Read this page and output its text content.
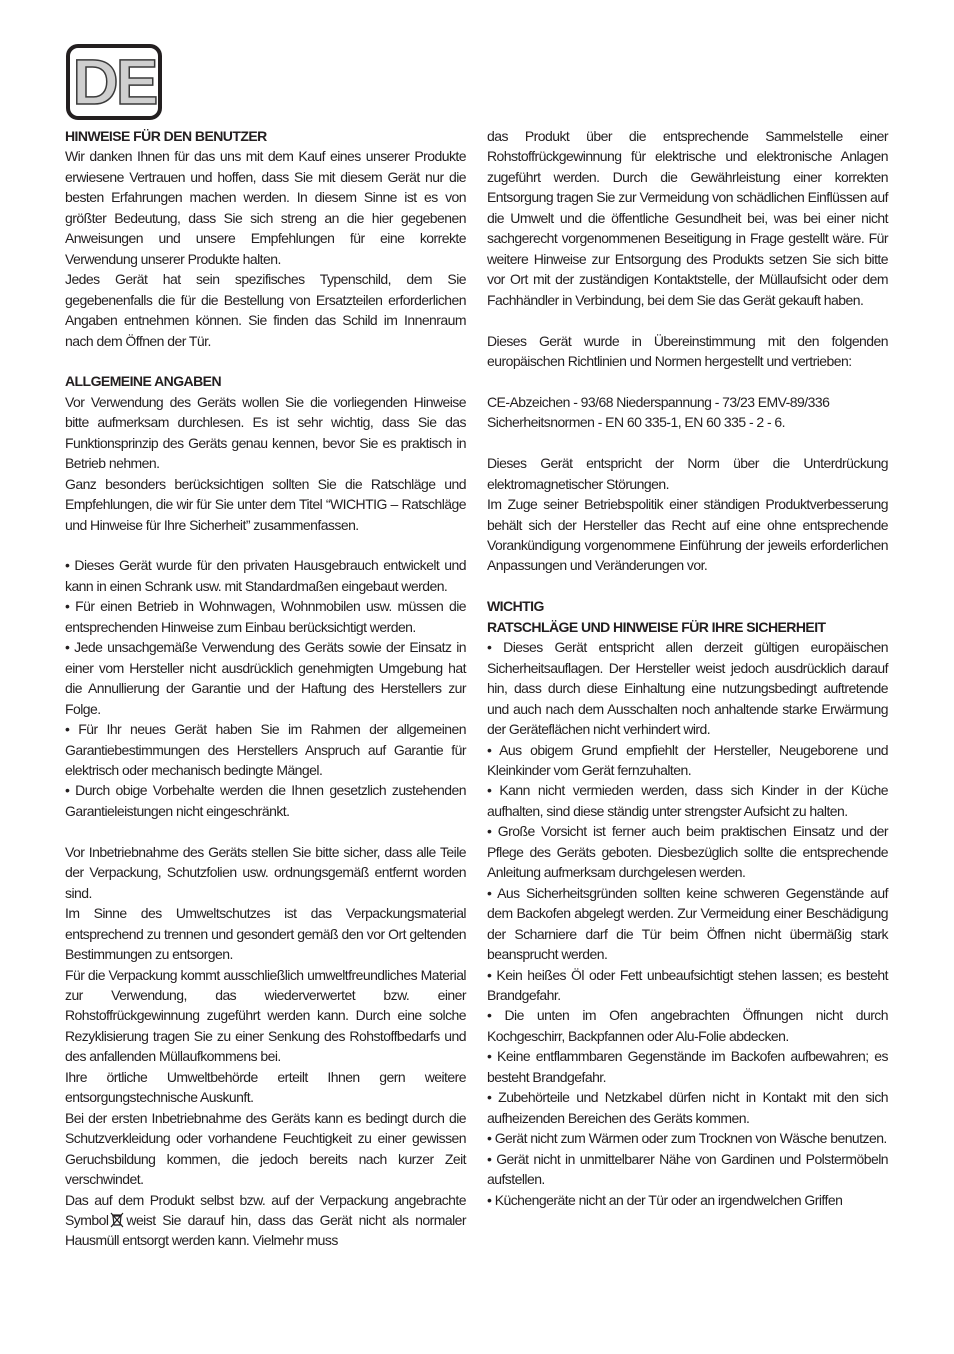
DE

HINWEISE FÜR DEN BENUTZER

Wir danken Ihnen für das uns mit dem Kauf eines unserer Produkte erwiesene Vertrauen und hoffen, dass Sie mit diesem Gerät nur die besten Erfahrungen machen werden. In diesem Sinne ist es von größter Bedeutung, dass Sie sich streng an die hier gegebenen Anweisungen und unsere Empfehlungen für eine korrekte Verwendung unserer Produkte halten.

Jedes Gerät hat sein spezifisches Typenschild, dem Sie gegebenenfalls die für die Bestellung von Ersatzteilen erforderlichen Angaben entnehmen können. Sie finden das Schild im Innenraum nach dem Öffnen der Tür.

ALLGEMEINE ANGABEN

Vor Verwendung des Geräts wollen Sie die vorliegenden Hinweise bitte aufmerksam durchlesen. Es ist sehr wichtig, dass Sie das Funktionsprinzip des Geräts genau kennen, bevor Sie es praktisch in Betrieb nehmen.

Ganz besonders berücksichtigen sollten Sie die Ratschläge und Empfehlungen, die wir für Sie unter dem Titel “WICHTIG – Ratschläge und Hinweise für Ihre Sicherheit” zusammenfassen.

• Dieses Gerät wurde für den privaten Hausgebrauch entwickelt und kann in einen Schrank usw. mit Standardmaßen eingebaut werden.

• Für einen Betrieb in Wohnwagen, Wohnmobilen usw. müssen die entsprechenden Hinweise zum Einbau berücksichtigt werden.

• Jede unsachgemäße Verwendung des Geräts sowie der Einsatz in einer vom Hersteller nicht ausdrücklich genehmigten Umgebung hat die Annullierung der Garantie und der Haftung des Herstellers zur Folge.

• Für Ihr neues Gerät haben Sie im Rahmen der allgemeinen Garantiebestimmungen des Herstellers Anspruch auf Garantie für elektrisch oder mechanisch bedingte Mängel.

• Durch obige Vorbehalte werden die Ihnen gesetzlich zustehenden Garantieleistungen nicht eingeschränkt.

Vor Inbetriebnahme des Geräts stellen Sie bitte sicher, dass alle Teile der Verpackung, Schutzfolien usw. ordnungsgemäß entfernt worden sind.

Im Sinne des Umweltschutzes ist das Verpackungsmaterial entsprechend zu trennen und gesondert gemäß den vor Ort geltenden Bestimmungen zu entsorgen.

Für die Verpackung kommt ausschließlich umweltfreundliches Material zur Verwendung, das wiederverwertet bzw. einer Rohstoffrückgewinnung zugeführt werden kann. Durch eine solche Rezyklisierung tragen Sie zu einer Senkung des Rohstoffbedarfs und des anfallenden Müllaufkommens bei.

Ihre örtliche Umweltbehörde erteilt Ihnen gern weitere entsorgungstechnische Auskunft.

Bei der ersten Inbetriebnahme des Geräts kann es bedingt durch die Schutzverkleidung oder vorhandene Feuchtigkeit zu einer gewissen Geruchsbildung kommen, die jedoch bereits nach kurzer Zeit verschwindet.

Das auf dem Produkt selbst bzw. auf der Verpackung angebrachte Symbol weist Sie darauf hin, dass das Gerät nicht als normaler Hausmüll entsorgt werden kann. Vielmehr muss

das Produkt über die entsprechende Sammelstelle einer Rohstoffrückgewinnung für elektrische und elektronische Anlagen zugeführt werden. Durch die Gewährleistung einer korrekten Entsorgung tragen Sie zur Vermeidung von schädlichen Einflüssen auf die Umwelt und die öffentliche Gesundheit bei, was bei einer nicht sachgerecht vorgenommenen Beseitigung in Frage gestellt wäre. Für weitere Hinweise zur Entsorgung des Produkts setzen Sie sich bitte vor Ort mit der zuständigen Kontaktstelle, der Müllaufsicht oder dem Fachhändler in Verbindung, bei dem Sie das Gerät gekauft haben.

Dieses Gerät wurde in Übereinstimmung mit den folgenden europäischen Richtlinien und Normen hergestellt und vertrieben:

CE-Abzeichen - 93/68 Niederspannung - 73/23 EMV-89/336

Sicherheitsnormen - EN 60 335-1, EN 60 335 - 2 - 6.

Dieses Gerät entspricht der Norm über die Unterdrückung elektromagnetischer Störungen.

Im Zuge seiner Betriebspolitik einer ständigen Produktverbesserung behält sich der Hersteller das Recht auf eine ohne entsprechende Vorankündigung vorgenommene Einführung der jeweils erforderlichen Anpassungen und Veränderungen vor.

WICHTIG

RATSCHLÄGE UND HINWEISE FÜR IHRE SICHERHEIT

• Dieses Gerät entspricht allen derzeit gültigen europäischen Sicherheitsauflagen. Der Hersteller weist jedoch ausdrücklich darauf hin, dass durch diese Einhaltung eine nutzungsbedingt auftretende und auch nach dem Ausschalten noch anhaltende starke Erwärmung der Geräteflächen nicht verhindert wird.

• Aus obigem Grund empfiehlt der Hersteller, Neugeborene und Kleinkinder vom Gerät fernzuhalten.

• Kann nicht vermieden werden, dass sich Kinder in der Küche aufhalten, sind diese ständig unter strengster Aufsicht zu halten.

• Große Vorsicht ist ferner auch beim praktischen Einsatz und der Pflege des Geräts geboten. Diesbezüglich sollte die entsprechende Anleitung aufmerksam durchgelesen werden.

• Aus Sicherheitsgründen sollten keine schweren Gegenstände auf dem Backofen abgelegt werden. Zur Vermeidung einer Beschädigung der Scharniere darf die Tür beim Öffnen nicht übermäßig stark beansprucht werden.

• Kein heißes Öl oder Fett unbeaufsichtigt stehen lassen; es besteht Brandgefahr.

• Die unten im Ofen angebrachten Öffnungen nicht durch Kochgeschirr, Backpfannen oder Alu-Folie abdecken.

• Keine entflammbaren Gegenstände im Backofen aufbewahren; es besteht Brandgefahr.

• Zubehörteile und Netzkabel dürfen nicht in Kontakt mit den sich aufheizenden Bereichen des Geräts kommen.

• Gerät nicht zum Wärmen oder zum Trocknen von Wäsche benutzen.

• Gerät nicht in unmittelbarer Nähe von Gardinen und Polstermöbeln aufstellen.

• Küchengeräte nicht an der Tür oder an irgendwelchen Griffen
